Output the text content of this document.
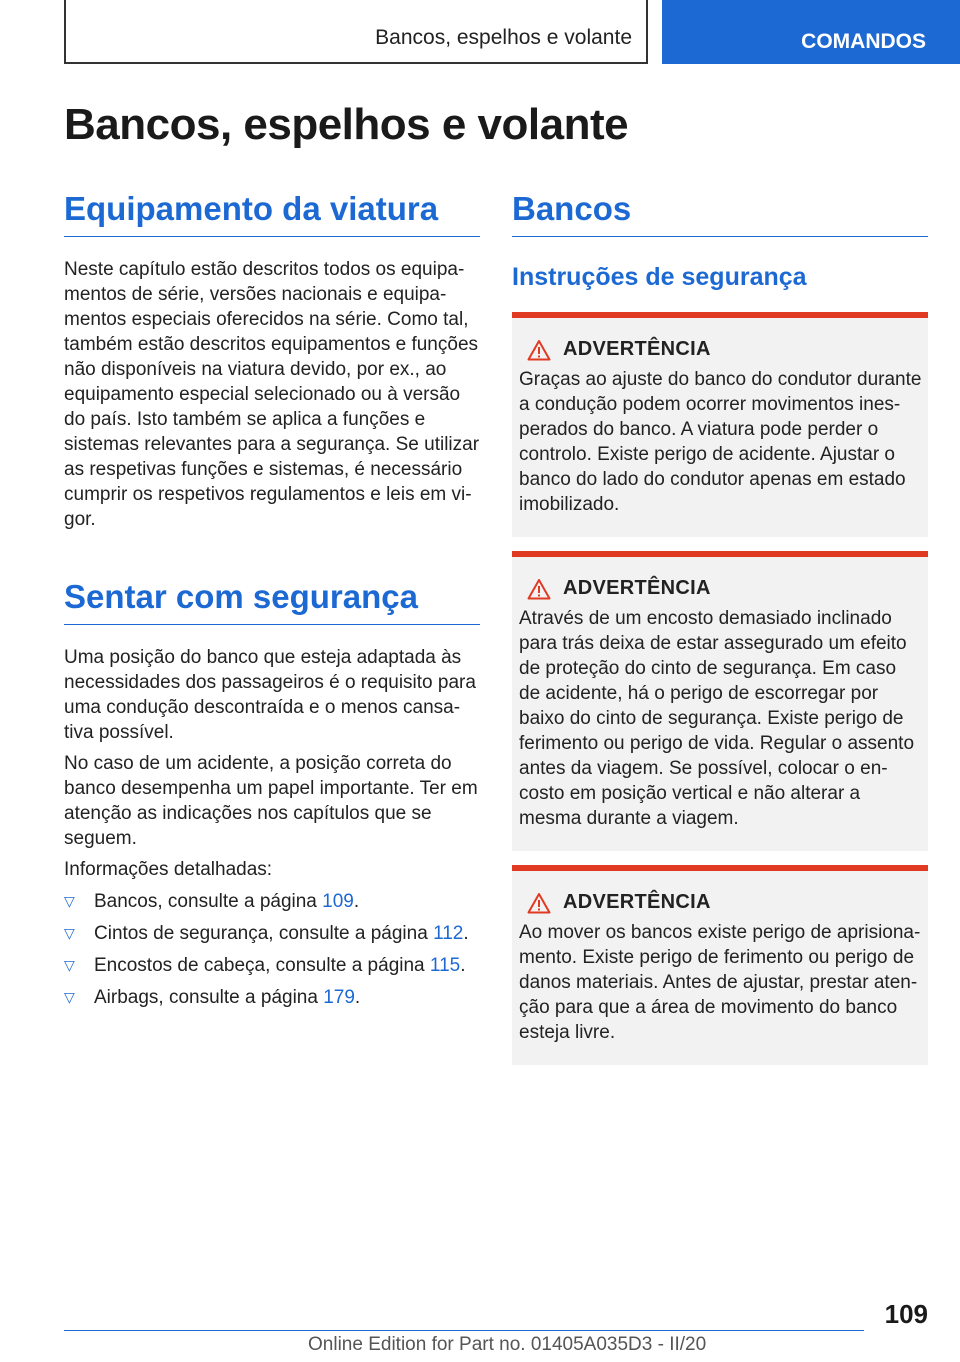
Bancos, espelhos e volante	COMANDOS
Bancos, espelhos e volante
Equipamento da viatura

Neste capítulo estão descritos todos os equipamentos de série, versões nacionais e equipamentos especiais oferecidos na série. Como tal, também estão descritos equipamentos e funções não disponíveis na viatura devido, por ex., ao equipamento especial selecionado ou à versão do país. Isto também se aplica a funções e sistemas relevantes para a segurança. Se utilizar as respetivas funções e sistemas, é necessário cumprir os respetivos regulamentos e leis em vigor.

Sentar com segurança

Uma posição do banco que esteja adaptada às necessidades dos passageiros é o requisito para uma condução descontraída e o menos cansativa possível.

No caso de um acidente, a posição correta do banco desempenha um papel importante. Ter em atenção as indicações nos capítulos que se seguem.

Informações detalhadas:

▽ Bancos, consulte a página 109.
▽ Cintos de segurança, consulte a página 112.
▽ Encostos de cabeça, consulte a página 115.
▽ Airbags, consulte a página 179.
Bancos
Instruções de segurança
ADVERTÊNCIA

Graças ao ajuste do banco do condutor durante a condução podem ocorrer movimentos inesperados do banco. A viatura pode perder o controlo. Existe perigo de acidente. Ajustar o banco do lado do condutor apenas em estado imobilizado.

ADVERTÊNCIA

Através de um encosto demasiado inclinado para trás deixa de estar assegurado um efeito de proteção do cinto de segurança. Em caso de acidente, há o perigo de escorregar por baixo do cinto de segurança. Existe perigo de ferimento ou perigo de vida. Regular o assento antes da viagem. Se possível, colocar o encosto em posição vertical e não alterar a mesma durante a viagem.

ADVERTÊNCIA

Ao mover os bancos existe perigo de aprisionamento. Existe perigo de ferimento ou perigo de danos materiais. Antes de ajustar, prestar atenção para que a área de movimento do banco esteja livre.

109
Online Edition for Part no. 01405A035D3 - II/20
